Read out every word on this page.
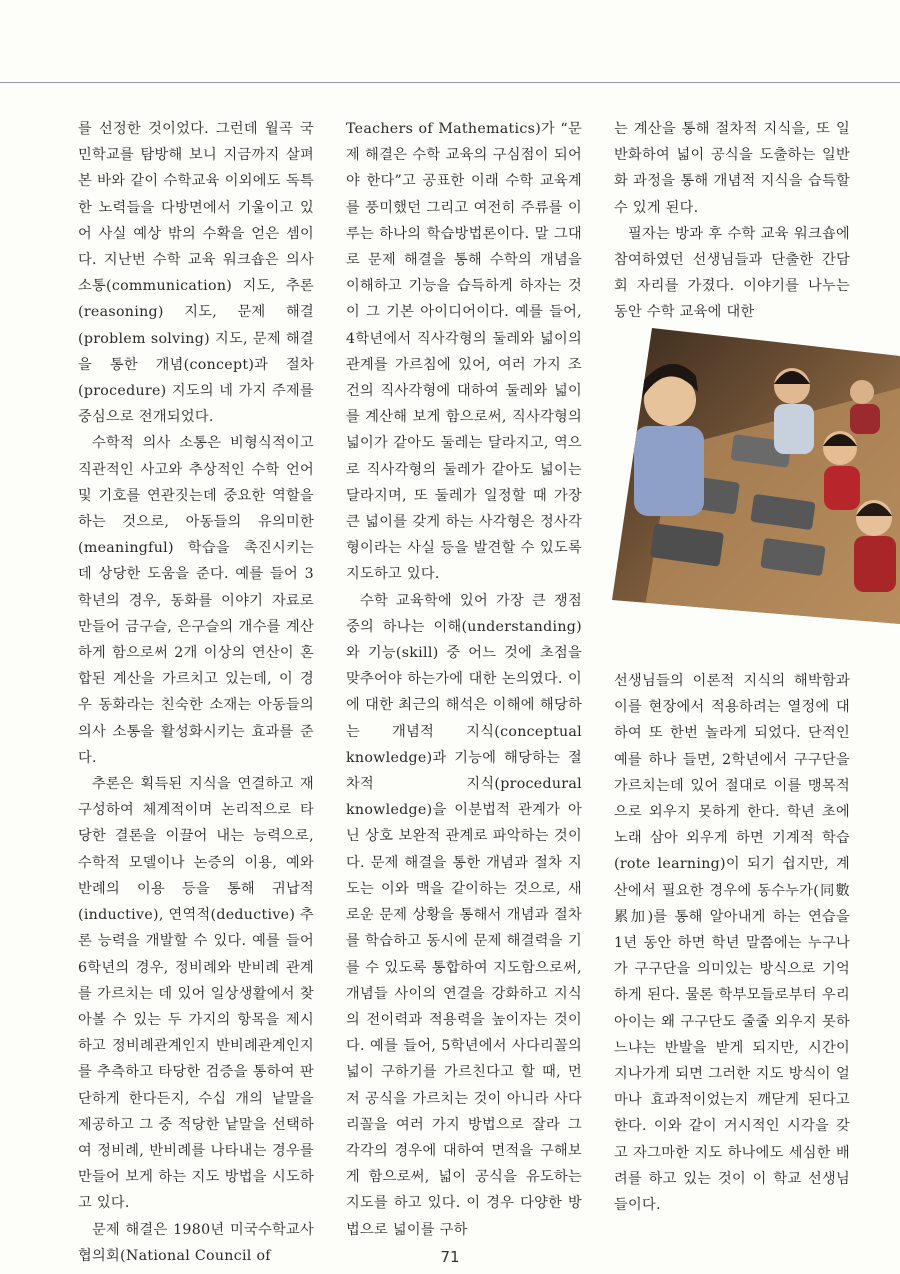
를 선정한 것이었다. 그런데 월곡 국민학교를 탐방해 보니 지금까지 살펴본 바와 같이 수학교육 이외에도 독특한 노력들을 다방면에서 기울이고 있어 사실 예상 밖의 수확을 얻은 셈이다. 지난번 수학 교육 워크숍은 의사 소통(communication) 지도, 추론(reasoning) 지도, 문제 해결(problem solving) 지도, 문제 해결을 통한 개념(concept)과 절차(procedure) 지도의 네 가지 주제를 중심으로 전개되었다.

수학적 의사 소통은 비형식적이고 직관적인 사고와 추상적인 수학 언어 및 기호를 연관짓는데 중요한 역할을 하는 것으로, 아동들의 유의미한(meaningful) 학습을 촉진시키는 데 상당한 도움을 준다. 예를 들어 3학년의 경우, 동화를 이야기 자료로 만들어 금구슬, 은구슬의 개수를 계산하게 함으로써 2개 이상의 연산이 혼합된 계산을 가르치고 있는데, 이 경우 동화라는 친숙한 소재는 아동들의 의사 소통을 활성화시키는 효과를 준다.

추론은 획득된 지식을 연결하고 재구성하여 체계적이며 논리적으로 타당한 결론을 이끌어 내는 능력으로, 수학적 모델이나 논증의 이용, 예와 반례의 이용 등을 통해 귀납적(inductive), 연역적(deductive) 추론 능력을 개발할 수 있다. 예를 들어 6학년의 경우, 정비례와 반비례 관계를 가르치는 데 있어 일상생활에서 찾아볼 수 있는 두 가지의 항목을 제시하고 정비례관계인지 반비례관계인지를 추측하고 타당한 검증을 통하여 판단하게 한다든지, 수십 개의 낱말을 제공하고 그 중 적당한 낱말을 선택하여 정비례, 반비례를 나타내는 경우를 만들어 보게 하는 지도 방법을 시도하고 있다.

문제 해결은 1980년 미국수학교사협의회(National Council of

Teachers of Mathematics)가 “문제 해결은 수학 교육의 구심점이 되어야 한다”고 공표한 이래 수학 교육계를 풍미했던 그리고 여전히 주류를 이루는 하나의 학습방법론이다. 말 그대로 문제 해결을 통해 수학의 개념을 이해하고 기능을 습득하게 하자는 것이 그 기본 아이디어이다. 예를 들어, 4학년에서 직사각형의 둘레와 넓이의 관계를 가르침에 있어, 여러 가지 조건의 직사각형에 대하여 둘레와 넓이를 계산해 보게 함으로써, 직사각형의 넓이가 같아도 둘레는 달라지고, 역으로 직사각형의 둘레가 같아도 넓이는 달라지며, 또 둘레가 일정할 때 가장 큰 넓이를 갖게 하는 사각형은 정사각형이라는 사실 등을 발견할 수 있도록 지도하고 있다.

수학 교육학에 있어 가장 큰 쟁점 중의 하나는 이해(understanding)와 기능(skill) 중 어느 것에 초점을 맞추어야 하는가에 대한 논의였다. 이에 대한 최근의 해석은 이해에 해당하는 개념적 지식(conceptual knowledge)과 기능에 해당하는 절차적 지식(procedural knowledge)을 이분법적 관계가 아닌 상호 보완적 관계로 파악하는 것이다. 문제 해결을 통한 개념과 절차 지도는 이와 맥을 같이하는 것으로, 새로운 문제 상황을 통해서 개념과 절차를 학습하고 동시에 문제 해결력을 기를 수 있도록 통합하여 지도함으로써, 개념들 사이의 연결을 강화하고 지식의 전이력과 적용력을 높이자는 것이다. 예를 들어, 5학년에서 사다리꼴의 넓이 구하기를 가르친다고 할 때, 먼저 공식을 가르치는 것이 아니라 사다리꼴을 여러 가지 방법으로 잘라 그 각각의 경우에 대하여 면적을 구해보게 함으로써, 넓이 공식을 유도하는 지도를 하고 있다. 이 경우 다양한 방법으로 넓이를 구하

는 계산을 통해 절차적 지식을, 또 일반화하여 넓이 공식을 도출하는 일반화 과정을 통해 개념적 지식을 습득할 수 있게 된다.

필자는 방과 후 수학 교육 워크숍에 참여하였던 선생님들과 단출한 간담회 자리를 가졌다. 이야기를 나누는 동안 수학 교육에 대한

선생님들의 이론적 지식의 해박함과 이를 현장에서 적용하려는 열정에 대하여 또 한번 놀라게 되었다. 단적인 예를 하나 들면, 2학년에서 구구단을 가르치는데 있어 절대로 이를 맹목적으로 외우지 못하게 한다. 학년 초에 노래 삼아 외우게 하면 기계적 학습(rote learning)이 되기 쉽지만, 계산에서 필요한 경우에 동수누가(同數累加)를 통해 알아내게 하는 연습을 1년 동안 하면 학년 말쯤에는 누구나가 구구단을 의미있는 방식으로 기억하게 된다. 물론 학부모들로부터 우리 아이는 왜 구구단도 줄줄 외우지 못하느냐는 반발을 받게 되지만, 시간이 지나가게 되면 그러한 지도 방식이 얼마나 효과적이었는지 깨닫게 된다고 한다. 이와 같이 거시적인 시각을 갖고 자그마한 지도 하나에도 세심한 배려를 하고 있는 것이 이 학교 선생님들이다.

71
